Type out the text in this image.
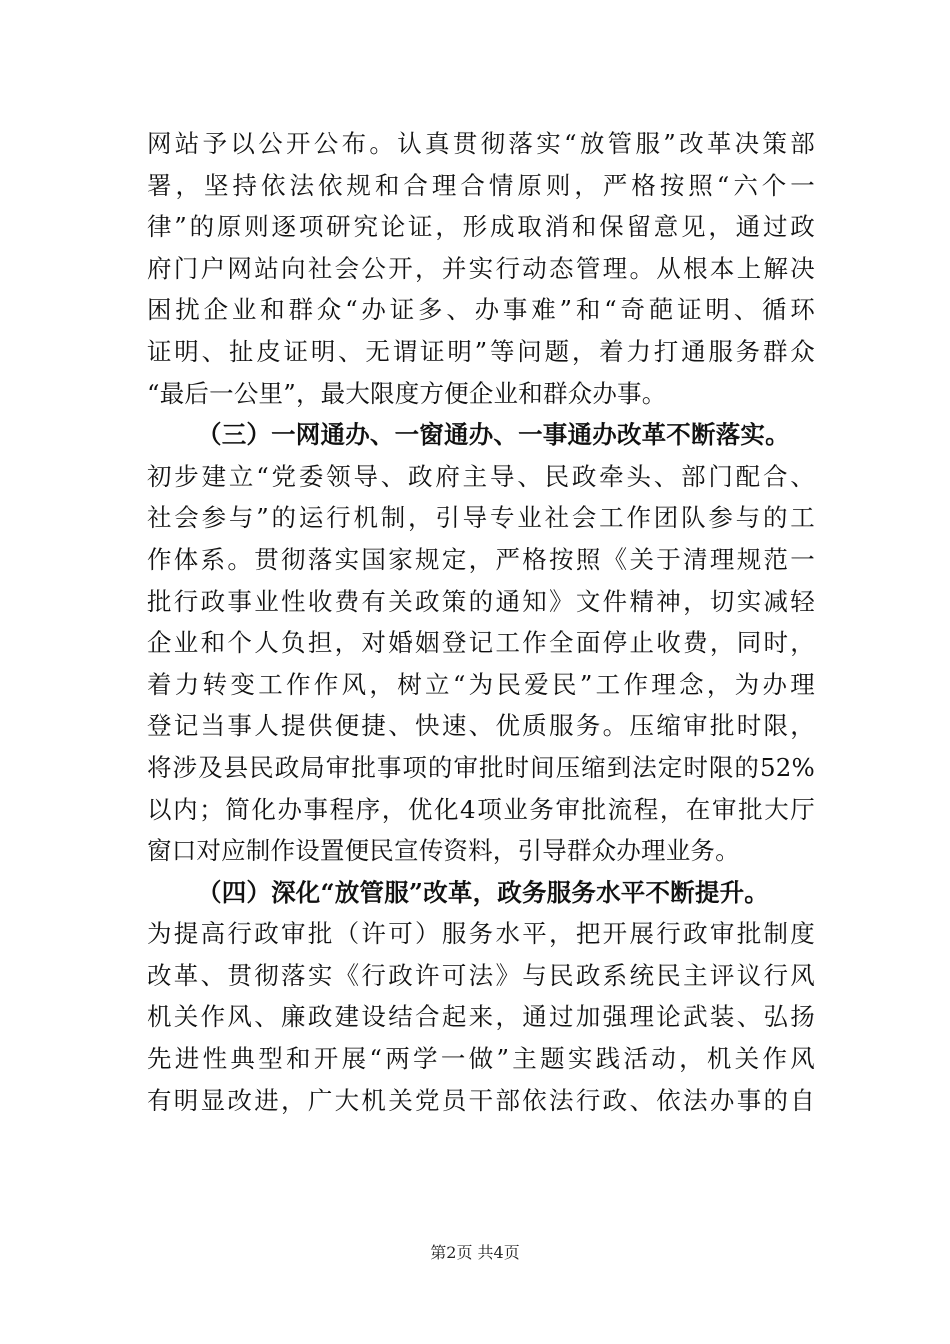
网站予以公开公布。认真贯彻落实“放管服”改革决策部
署，坚持依法依规和合理合情原则，严格按照“六个一
律”的原则逐项研究论证，形成取消和保留意见，通过政
府门户网站向社会公开，并实行动态管理。从根本上解决
困扰企业和群众“办证多、办事难”和“奇葩证明、循环
证明、扯皮证明、无谓证明”等问题，着力打通服务群众
“最后一公里”，最大限度方便企业和群众办事。
（三）一网通办、一窗通办、一事通办改革不断落实。
初步建立“党委领导、政府主导、民政牵头、部门配合、
社会参与”的运行机制，引导专业社会工作团队参与的工
作体系。贯彻落实国家规定，严格按照《关于清理规范一
批行政事业性收费有关政策的通知》文件精神，切实减轻
企业和个人负担，对婚姻登记工作全面停止收费，同时，
着力转变工作作风，树立“为民爱民”工作理念，为办理
登记当事人提供便捷、快速、优质服务。压缩审批时限，
将涉及县民政局审批事项的审批时间压缩到法定时限的52%
以内；简化办事程序，优化4项业务审批流程，在审批大厅
窗口对应制作设置便民宣传资料，引导群众办理业务。
（四）深化“放管服”改革，政务服务水平不断提升。
为提高行政审批（许可）服务水平，把开展行政审批制度
改革、贯彻落实《行政许可法》与民政系统民主评议行风
机关作风、廉政建设结合起来，通过加强理论武装、弘扬
先进性典型和开展“两学一做”主题实践活动，机关作风
有明显改进，广大机关党员干部依法行政、依法办事的自
第2页 共4页
